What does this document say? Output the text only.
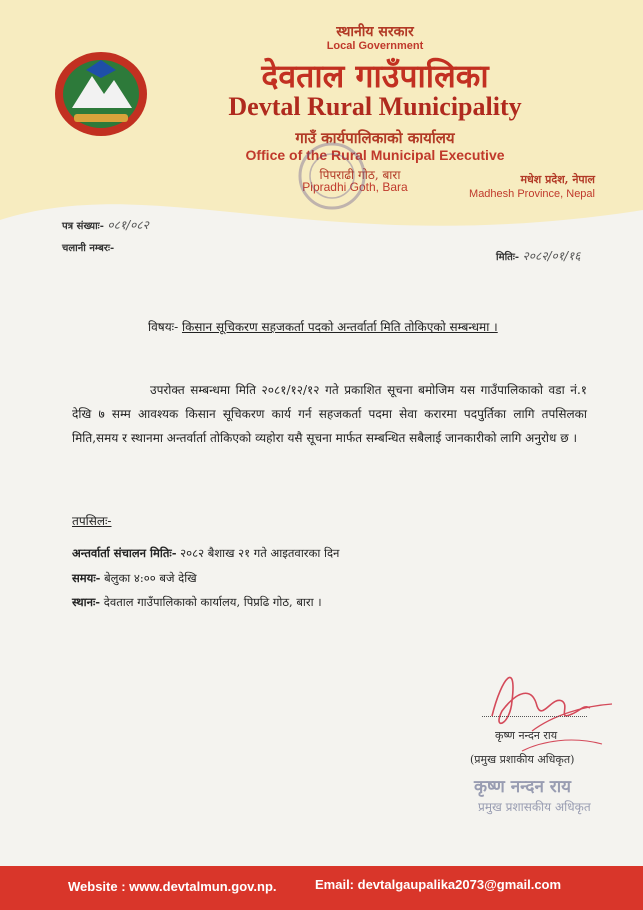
स्थानीय सरकार
Local Government
देवताल गाउँपालिका
Devtal Rural Municipality
गाउँ कार्यपालिकाको कार्यालय
Office of the Rural Municipal Executive
पिपराढी गोठ, बारा
Pipradhi Goth, Bara
मधेश प्रदेश, नेपाल
Madhesh Province, Nepal
पत्र संख्याः- ०८१/०८२
चलानी नम्बरः-
मितिः- २०८२/०१/१६
विषयः- किसान सूचिकरण सहजकर्ता पदको अन्तर्वार्ता मिति तोकिएको सम्बन्धमा ।
उपरोक्त सम्बन्धमा मिति २०८१/१२/१२ गते प्रकाशित सूचना बमोजिम यस गाउँपालिकाको वडा नं.१ देखि ७ सम्म आवश्यक किसान सूचिकरण कार्य गर्न सहजकर्ता पदमा सेवा करारमा पदपुर्तिका लागि तपसिलका मिति,समय र स्थानमा अन्तर्वार्ता तोकिएको व्यहोरा यसै सूचना मार्फत सम्बन्धित सबैलाई जानकारीको लागि अनुरोध छ ।
तपसिलः-
अन्तर्वार्ता संचालन मितिः- २०८२ बैशाख २१ गते आइतवारका दिन
समयः- बेलुका ४:०० बजे देखि
स्थानः- देवताल गाउँपालिकाको कार्यालय, पिप्रढि गोठ, बारा ।
कृष्ण नन्दन राय
(प्रमुख प्रशाकीय अधिकृत)
कृष्ण नन्दन राय
प्रमुख प्रशासकीय अधिकृत
Website : www.devtalmun.gov.np.	Email: devtalgaupalika2073@gmail.com
